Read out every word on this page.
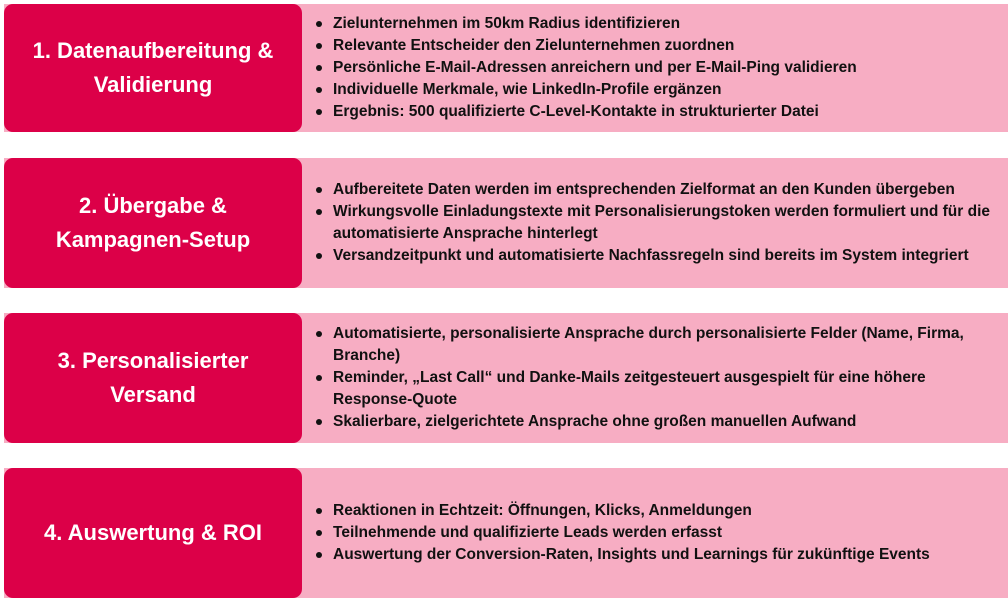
1. Datenaufbereitung &
Validierung
Zielunternehmen im 50km Radius identifizieren
Relevante Entscheider den Zielunternehmen zuordnen
Persönliche E-Mail-Adressen anreichern und per E-Mail-Ping validieren
Individuelle Merkmale, wie LinkedIn-Profile ergänzen
Ergebnis: 500 qualifizierte C-Level-Kontakte in strukturierter Datei
2. Übergabe &
Kampagnen-Setup
Aufbereitete Daten werden im entsprechenden Zielformat an den Kunden übergeben
Wirkungsvolle Einladungstexte mit Personalisierungstoken werden formuliert und für die automatisierte Ansprache hinterlegt
Versandzeitpunkt und automatisierte Nachfassregeln sind bereits im System integriert
3. Personalisierter
Versand
Automatisierte, personalisierte Ansprache durch personalisierte Felder (Name, Firma, Branche)
Reminder, „Last Call“ und Danke-Mails zeitgesteuert ausgespielt für eine höhere Response-Quote
Skalierbare, zielgerichtete Ansprache ohne großen manuellen Aufwand
4. Auswertung & ROI
Reaktionen in Echtzeit: Öffnungen, Klicks, Anmeldungen
Teilnehmende und qualifizierte Leads werden erfasst
Auswertung der Conversion-Raten, Insights und Learnings für zukünftige Events
